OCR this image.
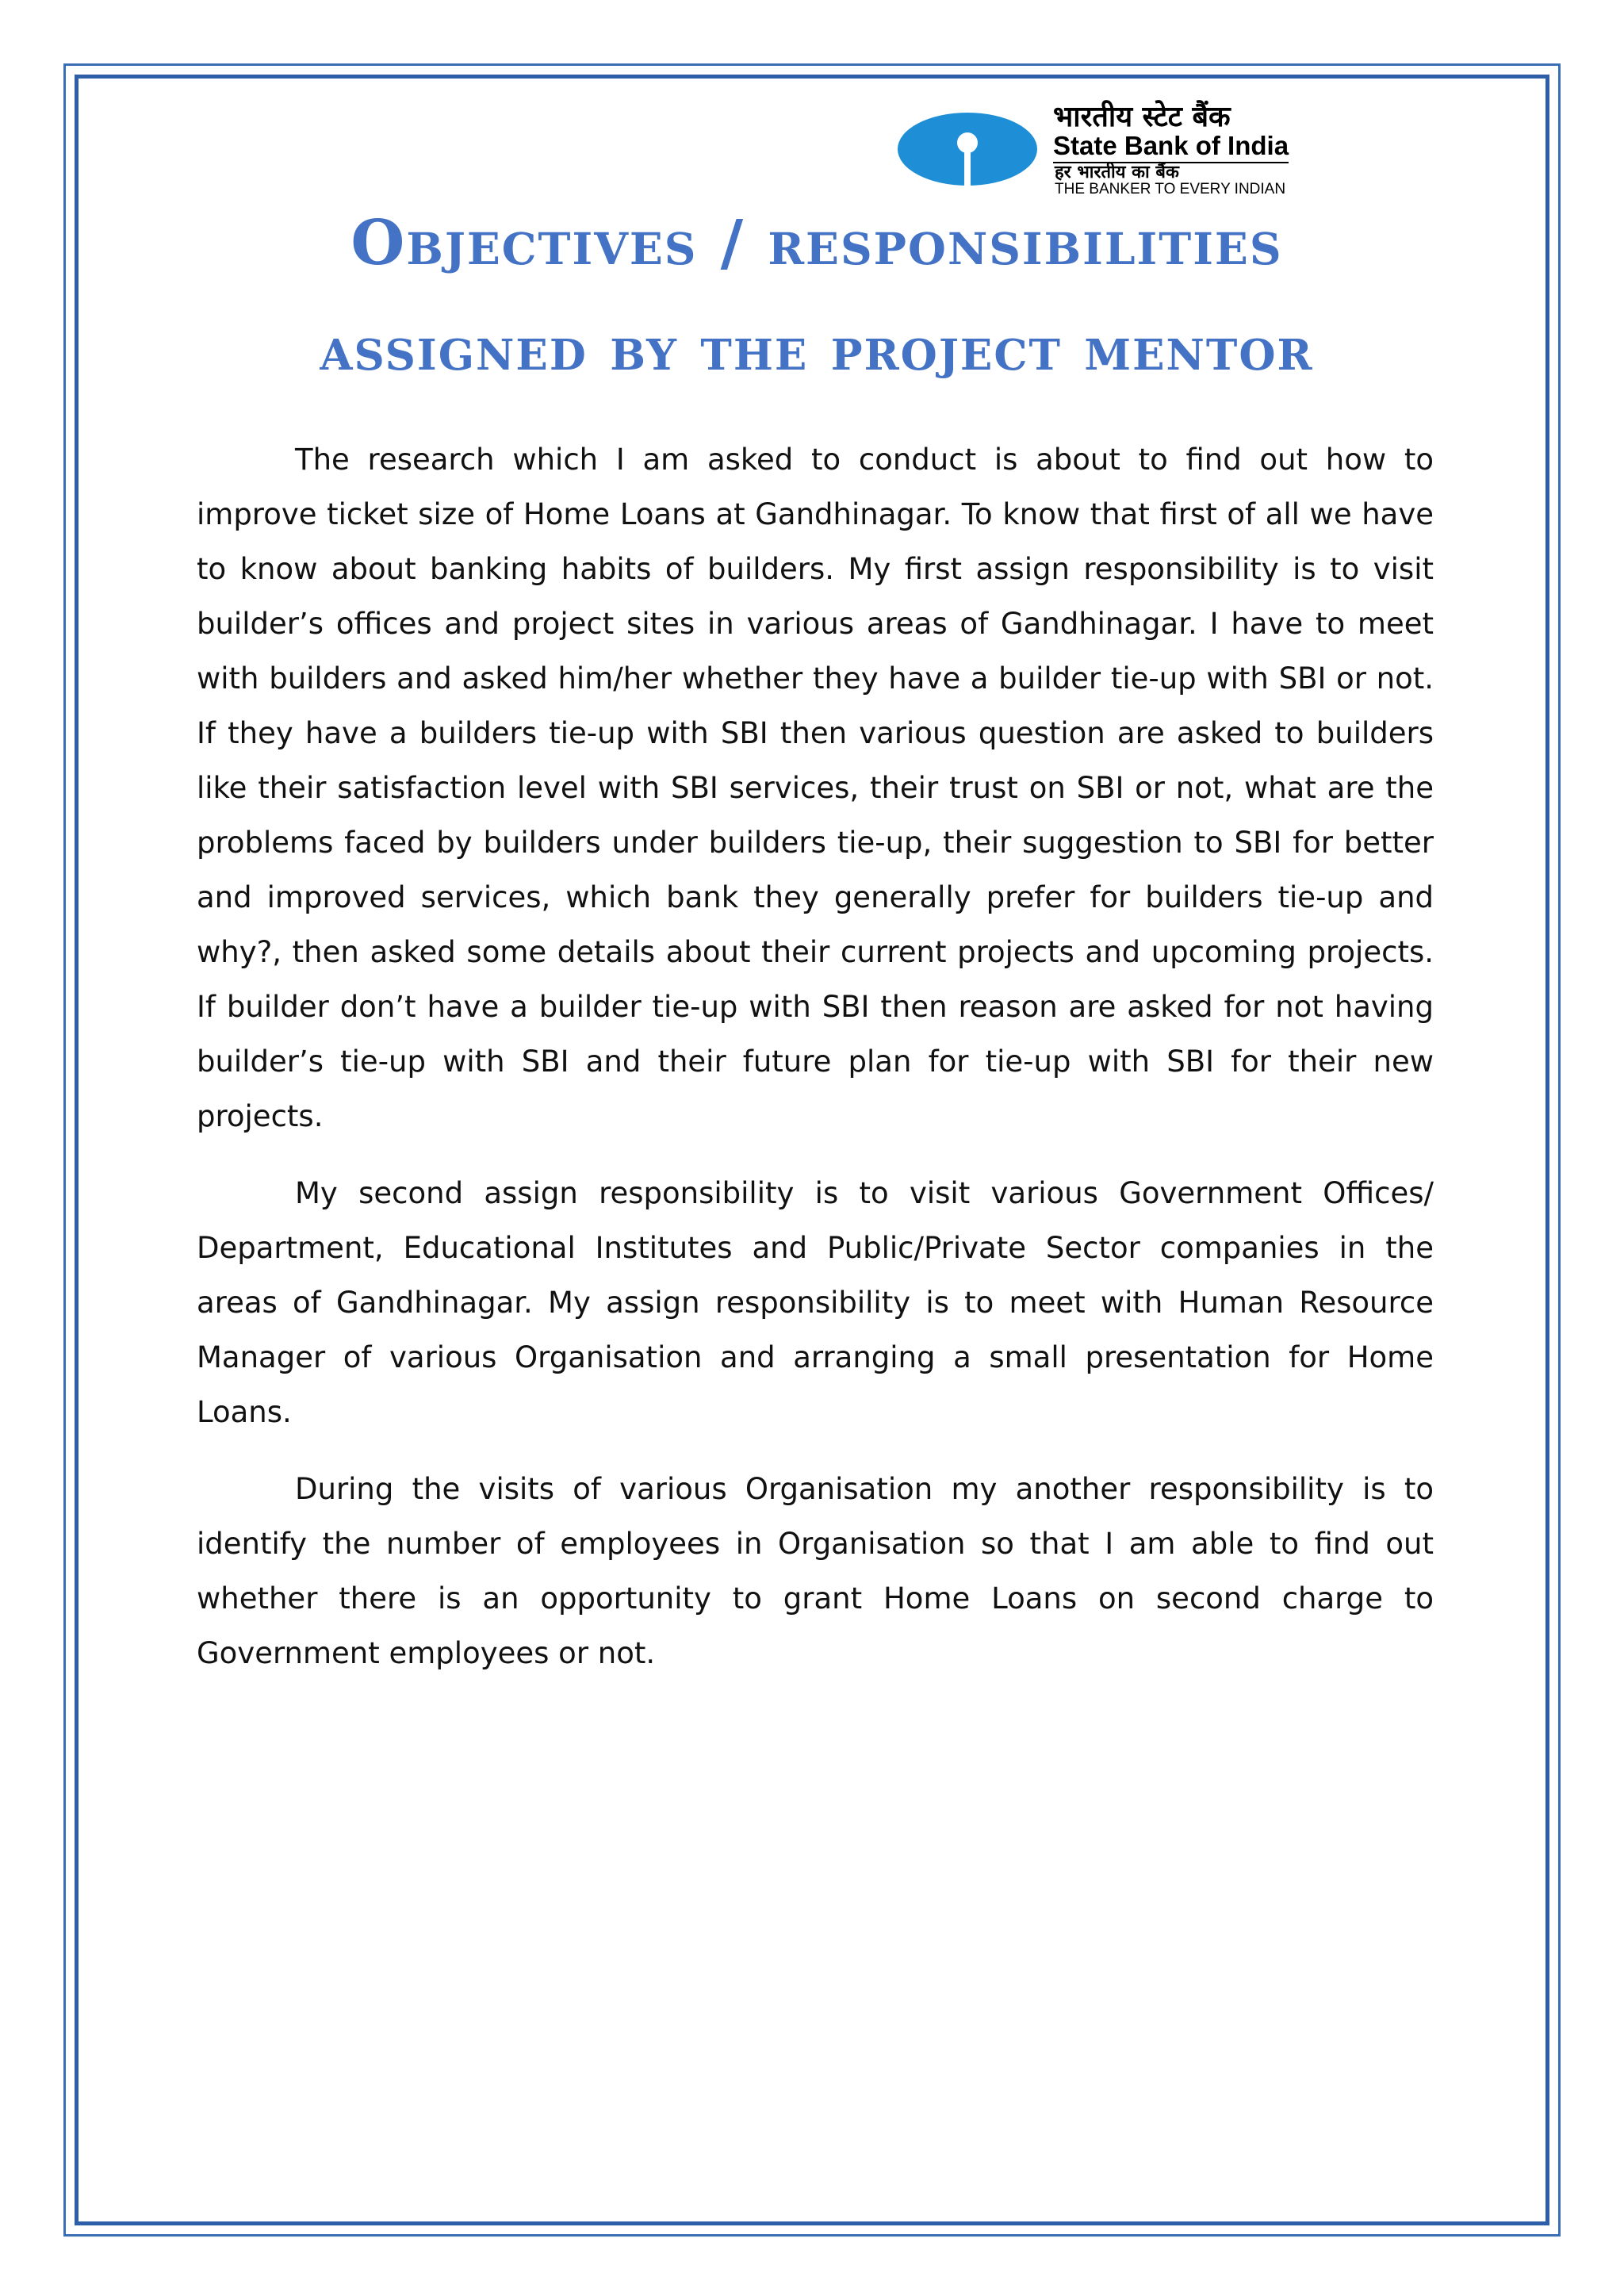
भारतीय स्टेट बैंक
State Bank of India
हर भारतीय का बैंक
THE BANKER TO EVERY INDIAN
Objectives / responsibilities
assigned by the project mentor

The research which I am asked to conduct is about to find out how to improve ticket size of Home Loans at Gandhinagar. To know that first of all we have to know about banking habits of builders. My first assign responsibility is to visit builder’s offices and project sites in various areas of Gandhinagar. I have to meet with builders and asked him/her whether they have a builder tie-up with SBI or not. If they have a builders tie-up with SBI then various question are asked to builders like their satisfaction level with SBI services, their trust on SBI or not, what are the problems faced by builders under builders tie-up, their suggestion to SBI for better and improved services, which bank they generally prefer for builders tie-up and why?, then asked some details about their current projects and upcoming projects. If builder don’t have a builder tie-up with SBI then reason are asked for not having builder’s tie-up with SBI and their future plan for tie-up with SBI for their new projects.

My second assign responsibility is to visit various Government Offices/ Department, Educational Institutes and Public/Private Sector companies in the areas of Gandhinagar. My assign responsibility is to meet with Human Resource Manager of various Organisation and arranging a small presentation for Home Loans.

During the visits of various Organisation my another responsibility is to identify the number of employees in Organisation so that I am able to find out whether there is an opportunity to grant Home Loans on second charge to Government employees or not.
